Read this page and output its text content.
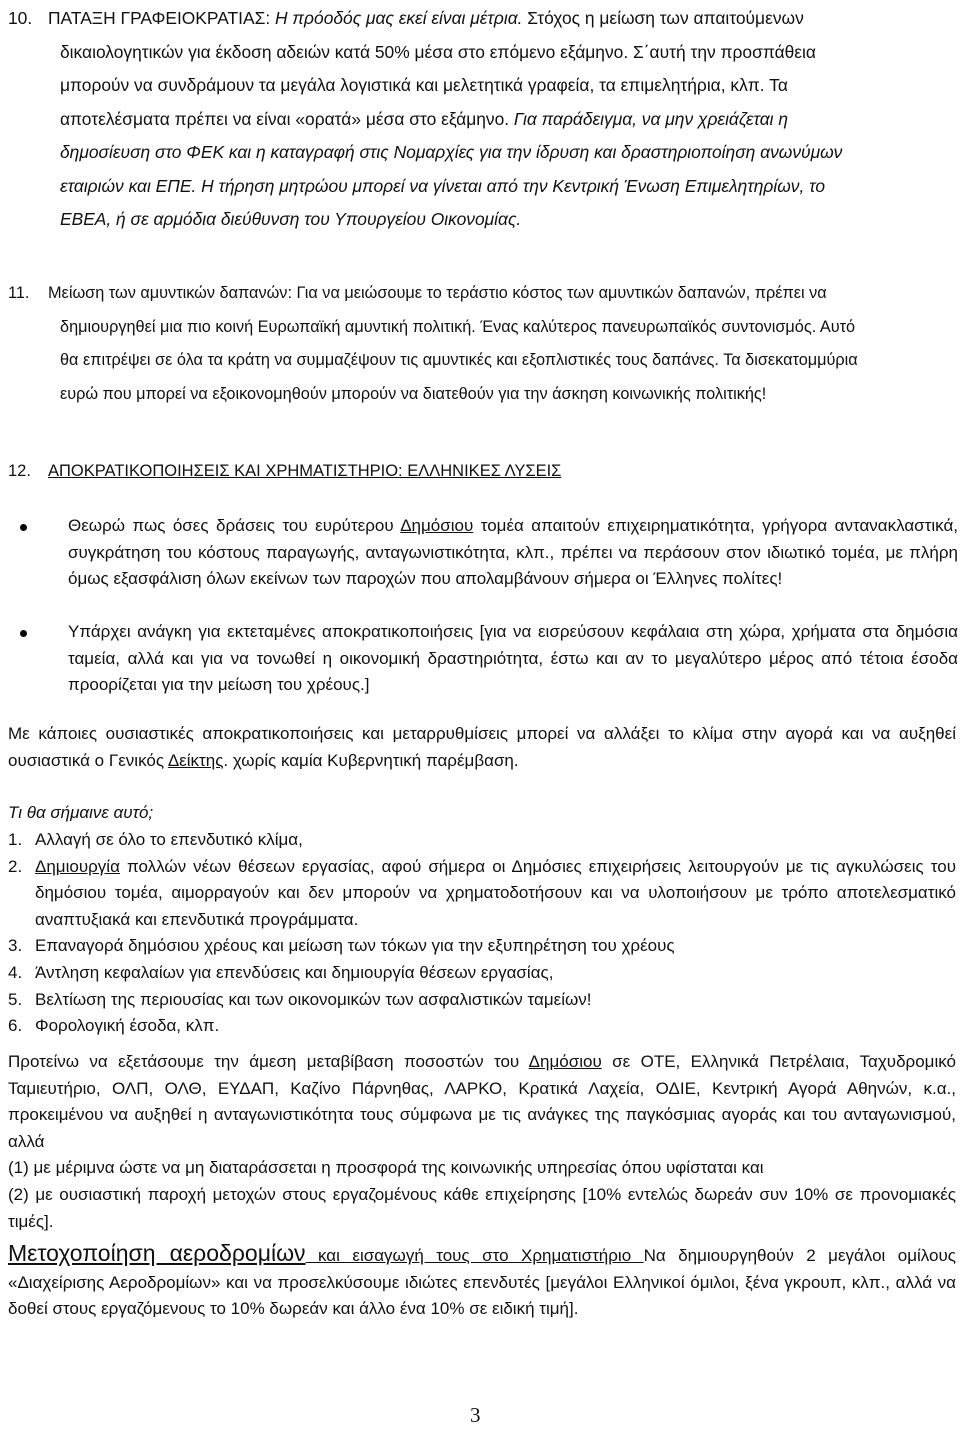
10. ΠΑΤΑΞΗ ΓΡΑΦΕΙΟΚΡΑΤΙΑΣ: Η πρόοδός μας εκεί είναι μέτρια. Στόχος η μείωση των απαιτούμενων
δικαιολογητικών για έκδοση αδειών κατά 50% μέσα στο επόμενο εξάμηνο. Σ΄αυτή την προσπάθεια
μπορούν να συνδράμουν τα μεγάλα λογιστικά και μελετητικά γραφεία, τα επιμελητήρια, κλπ. Τα
αποτελέσματα πρέπει να είναι «ορατά» μέσα στο εξάμηνο. Για παράδειγμα, να μην χρειάζεται η
δημοσίευση στο ΦΕΚ και η καταγραφή στις Νομαρχίες για την ίδρυση και δραστηριοποίηση ανωνύμων
εταιριών και ΕΠΕ. Η τήρηση μητρώου μπορεί να γίνεται από την Κεντρική Ένωση Επιμελητηρίων, το
ΕΒΕΑ, ή σε αρμόδια διεύθυνση του Υπουργείου Οικονομίας.
11. Μείωση των αμυντικών δαπανών: Για να μειώσουμε το τεράστιο κόστος των αμυντικών δαπανών, πρέπει να
δημιουργηθεί μια πιο κοινή Ευρωπαϊκή αμυντική πολιτική. Ένας καλύτερος πανευρωπαϊκός συντονισμός. Αυτό
θα επιτρέψει σε όλα τα κράτη να συμμαζέψουν τις αμυντικές και εξοπλιστικές τους δαπάνες. Τα δισεκατομμύρια
ευρώ που μπορεί να εξοικονομηθούν μπορούν να διατεθούν για την άσκηση κοινωνικής πολιτικής!
12. ΑΠΟΚΡΑΤΙΚΟΠΟΙΗΣΕΙΣ ΚΑΙ ΧΡΗΜΑΤΙΣΤΗΡΙΟ: ΕΛΛΗΝΙΚΕΣ ΛΥΣΕΙΣ
Θεωρώ πως όσες δράσεις του ευρύτερου Δημόσιου τομέα απαιτούν επιχειρηματικότητα, γρήγορα αντανακλαστικά, συγκράτηση του κόστους παραγωγής, ανταγωνιστικότητα, κλπ., πρέπει να περάσουν στον ιδιωτικό τομέα, με πλήρη όμως εξασφάλιση όλων εκείνων των παροχών που απολαμβάνουν σήμερα οι Έλληνες πολίτες!
Υπάρχει ανάγκη για εκτεταμένες αποκρατικοποιήσεις [για να εισρεύσουν κεφάλαια στη χώρα, χρήματα στα δημόσια ταμεία, αλλά και για να τονωθεί η οικονομική δραστηριότητα, έστω και αν το μεγαλύτερο μέρος από τέτοια έσοδα προορίζεται για την μείωση του χρέους.]
Με κάποιες ουσιαστικές αποκρατικοποιήσεις και μεταρρυθμίσεις μπορεί να αλλάξει το κλίμα στην αγορά και να αυξηθεί ουσιαστικά ο Γενικός Δείκτης. χωρίς καμία Κυβερνητική παρέμβαση.
Τι θα σήμαινε αυτό;
1. Αλλαγή σε όλο το επενδυτικό κλίμα,
2. Δημιουργία πολλών νέων θέσεων εργασίας, αφού σήμερα οι Δημόσιες επιχειρήσεις λειτουργούν με τις αγκυλώσεις του δημόσιου τομέα, αιμορραγούν και δεν μπορούν να χρηματοδοτήσουν και να υλοποιήσουν με τρόπο αποτελεσματικό αναπτυξιακά και επενδυτικά προγράμματα.
3. Επαναγορά δημόσιου χρέους και μείωση των τόκων για την εξυπηρέτηση του χρέους
4. Άντληση κεφαλαίων για επενδύσεις και δημιουργία θέσεων εργασίας,
5. Βελτίωση της περιουσίας και των οικονομικών των ασφαλιστικών ταμείων!
6. Φορολογική έσοδα, κλπ.
Προτείνω να εξετάσουμε την άμεση μεταβίβαση ποσοστών του Δημόσιου σε ΟΤΕ, Ελληνικά Πετρέλαια, Ταχυδρομικό Ταμιευτήριο, ΟΛΠ, ΟΛΘ, ΕΥΔΑΠ, Καζίνο Πάρνηθας, ΛΑΡΚΟ, Κρατικά Λαχεία, ΟΔΙΕ, Κεντρική Αγορά Αθηνών, κ.α., προκειμένου να αυξηθεί η ανταγωνιστικότητα τους σύμφωνα με τις ανάγκες της παγκόσμιας αγοράς και του ανταγωνισμού, αλλά
(1) με μέριμνα ώστε να μη διαταράσσεται η προσφορά της κοινωνικής υπηρεσίας όπου υφίσταται και
(2) με ουσιαστική παροχή μετοχών στους εργαζομένους κάθε επιχείρησης [10% εντελώς δωρεάν συν 10% σε προνομιακές τιμές].
Μετοχοποίηση αεροδρομίων και εισαγωγή τους στο Χρηματιστήριο Να δημιουργηθούν 2 μεγάλοι ομίλους «Διαχείρισης Αεροδρομίων» και να προσελκύσουμε ιδιώτες επενδυτές [μεγάλοι Ελληνικοί όμιλοι, ξένα γκρουπ, κλπ., αλλά να δοθεί στους εργαζόμενους το 10% δωρεάν και άλλο ένα 10% σε ειδική τιμή].
3
